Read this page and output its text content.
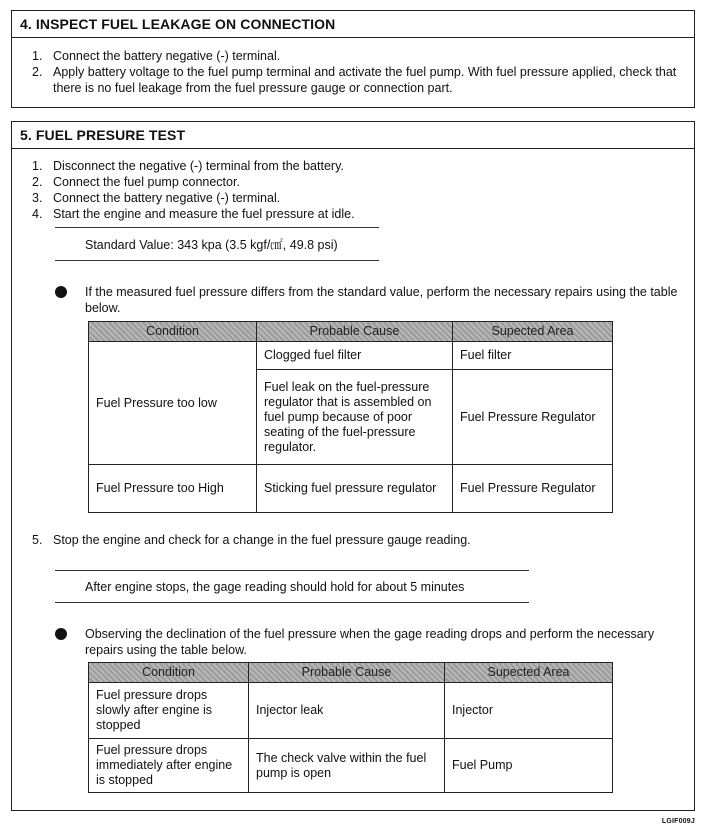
4. INSPECT FUEL LEAKAGE ON CONNECTION
1. Connect the battery negative (-) terminal.
2. Apply battery voltage to the fuel pump terminal and activate the fuel pump. With fuel pressure applied, check that there is no fuel leakage from the fuel pressure gauge or connection part.
5. FUEL PRESURE TEST
1. Disconnect the negative (-) terminal from the battery.
2. Connect the fuel pump connector.
3. Connect the battery negative (-) terminal.
4. Start the engine and measure the fuel pressure at idle.
Standard Value: 343 kpa (3.5 kgf/㎠, 49.8 psi)
If the measured fuel pressure differs from the standard value, perform the necessary repairs using the table below.
Condition	Probable Cause	Supected Area
Fuel Pressure too low	Clogged fuel filter	Fuel filter
	Fuel leak on the fuel-pressure regulator that is assembled on fuel pump because of poor seating of the fuel-pressure regulator.	Fuel Pressure Regulator
Fuel Pressure too High	Sticking fuel pressure regulator	Fuel Pressure Regulator
5. Stop the engine and check for a change in the fuel pressure gauge reading.
After engine stops, the gage reading should hold for about 5 minutes
Observing the declination of the fuel pressure when the gage reading drops and perform the necessary repairs using the table below.
Condition	Probable Cause	Supected Area
Fuel pressure drops slowly after engine is stopped	Injector leak	Injector
Fuel pressure drops immediately after engine is stopped	The check valve within the fuel pump is open	Fuel Pump
LGIF009J
